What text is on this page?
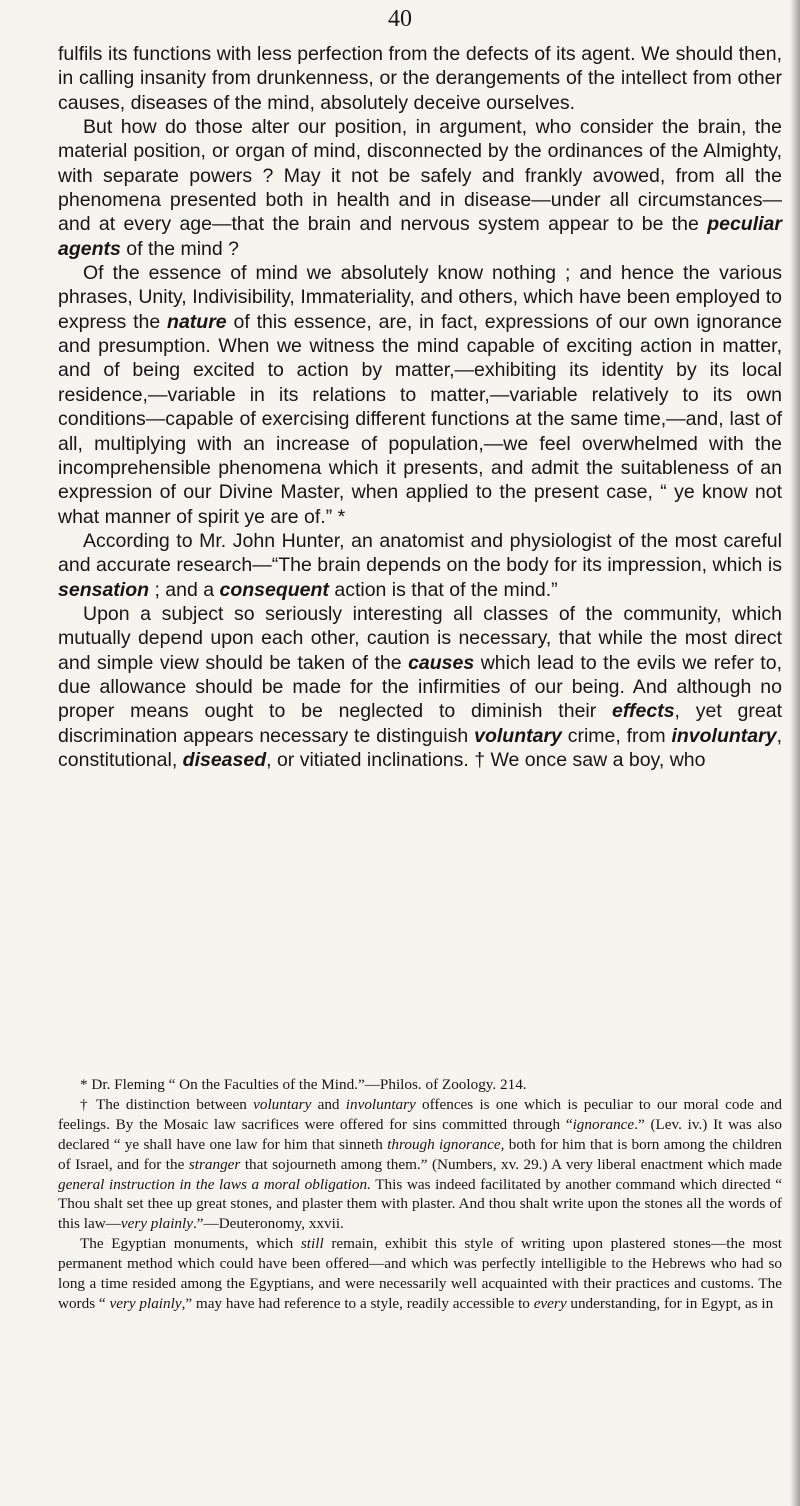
40

fulfils its functions with less perfection from the defects of its agent. We should then, in calling insanity from drunkenness, or the derangements of the intellect from other causes, diseases of the mind, absolutely deceive ourselves.

But how do those alter our position, in argument, who consider the brain, the material position, or organ of mind, disconnected by the ordinances of the Almighty, with separate powers ? May it not be safely and frankly avowed, from all the phenomena presented both in health and in disease—under all circumstances—and at every age—that the brain and nervous system appear to be the peculiar agents of the mind ?

Of the essence of mind we absolutely know nothing ; and hence the various phrases, Unity, Indivisibility, Immateriality, and others, which have been employed to express the nature of this essence, are, in fact, expressions of our own ignorance and presumption. When we witness the mind capable of exciting action in matter, and of being excited to action by matter,—exhibiting its identity by its local residence,—variable in its relations to matter,—variable relatively to its own conditions—capable of exercising different functions at the same time,—and, last of all, multiplying with an increase of population,—we feel overwhelmed with the incomprehensible phenomena which it presents, and admit the suitableness of an expression of our Divine Master, when applied to the present case, “ ye know not what manner of spirit ye are of.” *

According to Mr. John Hunter, an anatomist and physiologist of the most careful and accurate research—“The brain depends on the body for its impression, which is sensation ; and a consequent action is that of the mind.”

Upon a subject so seriously interesting all classes of the community, which mutually depend upon each other, caution is necessary, that while the most direct and simple view should be taken of the causes which lead to the evils we refer to, due allowance should be made for the infirmities of our being. And although no proper means ought to be neglected to diminish their effects, yet great discrimination appears necessary te distinguish voluntary crime, from involuntary, constitutional, diseased, or vitiated inclinations. † We once saw a boy, who

* Dr. Fleming “ On the Faculties of the Mind.”—Philos. of Zoology. 214.

† The distinction between voluntary and involuntary offences is one which is peculiar to our moral code and feelings. By the Mosaic law sacrifices were offered for sins committed through “ignorance.” (Lev. iv.) It was also declared “ ye shall have one law for him that sinneth through ignorance, both for him that is born among the children of Israel, and for the stranger that sojourneth among them.” (Numbers, xv. 29.) A very liberal enactment which made general instruction in the laws a moral obligation. This was indeed facilitated by another command which directed “ Thou shalt set thee up great stones, and plaster them with plaster. And thou shalt write upon the stones all the words of this law—very plainly.”—Deuteronomy, xxvii.

The Egyptian monuments, which still remain, exhibit this style of writing upon plastered stones—the most permanent method which could have been offered—and which was perfectly intelligible to the Hebrews who had so long a time resided among the Egyptians, and were necessarily well acquainted with their practices and customs. The words “ very plainly,” may have had reference to a style, readily accessible to every understanding, for in Egypt, as in
